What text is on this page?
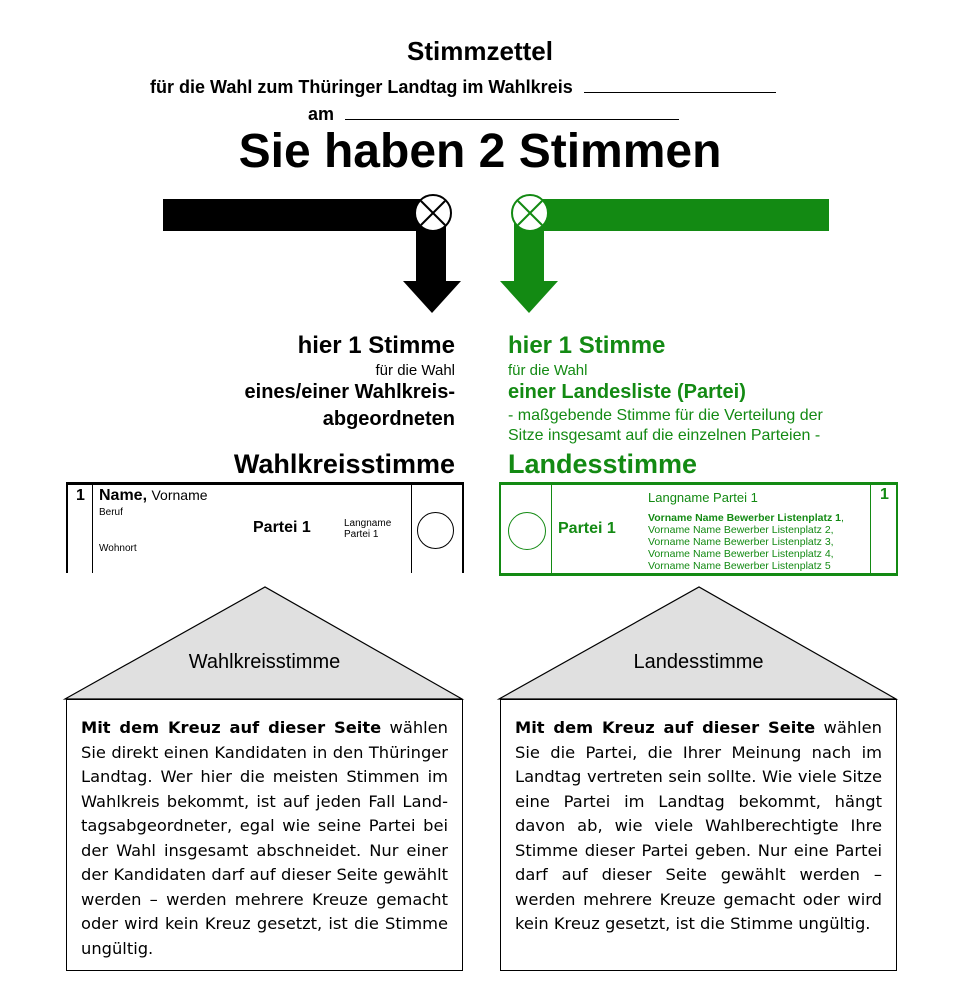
Stimmzettel
für die Wahl zum Thüringer Landtag im Wahlkreis
am
Sie haben 2 Stimmen
hier 1 Stimme
für die Wahl
eines/einer Wahlkreis-
abgeordneten
Wahlkreisstimme
hier 1 Stimme
für die Wahl
einer Landesliste (Partei)
- maßgebende Stimme für die Verteilung der
Sitze insgesamt auf die einzelnen Parteien -
Landesstimme
1 Name, Vorname
Beruf
Wohnort
Partei 1	Langname
Partei 1	Partei 1
Langname Partei 1	1
Vorname Name Bewerber Listenplatz 1,
Vorname Name Bewerber Listenplatz 2,
Vorname Name Bewerber Listenplatz 3,
Vorname Name Bewerber Listenplatz 4,
Vorname Name Bewerber Listenplatz 5
Wahlkreisstimme	Landesstimme
Mit dem Kreuz auf dieser Seite wählen Sie direkt einen Kandidaten in den Thüringer Landtag. Wer hier die meisten Stimmen im Wahlkreis bekommt, ist auf jeden Fall Landtagsabgeordneter, egal wie seine Partei bei der Wahl insgesamt abschneidet. Nur einer der Kandidaten darf auf dieser Seite gewählt werden – werden mehrere Kreuze gemacht oder wird kein Kreuz gesetzt, ist die Stimme ungültig.
Mit dem Kreuz auf dieser Seite wählen Sie die Partei, die Ihrer Meinung nach im Landtag vertreten sein sollte. Wie viele Sitze eine Partei im Landtag bekommt, hängt davon ab, wie viele Wahlberechtigte Ihre Stimme dieser Partei geben. Nur eine Partei darf auf dieser Seite gewählt werden – werden mehrere Kreuze gemacht oder wird kein Kreuz gesetzt, ist die Stimme ungültig.
